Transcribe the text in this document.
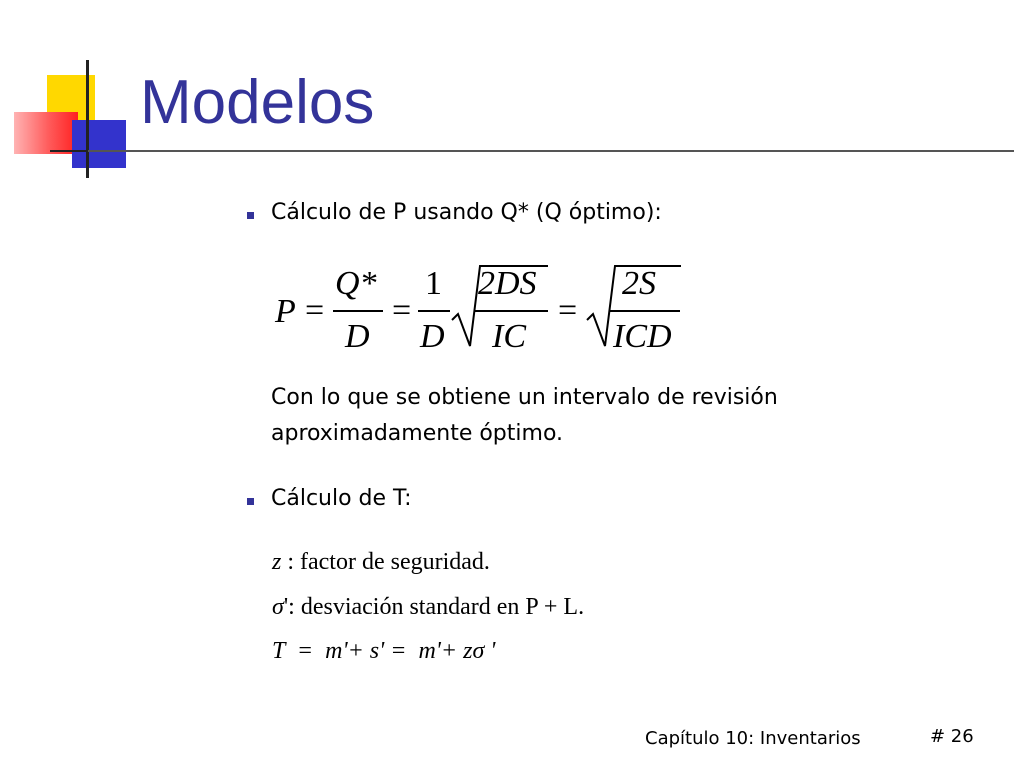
Modelos
Cálculo de P usando Q* (Q óptimo):
P =
Q*
D
=
1
D
2DS
IC
=
2S
ICD
Con lo que se obtiene un intervalo de revisión
aproximadamente óptimo.
Cálculo de T:
z : factor de seguridad.
σ': desviación standard en P + L.
T  =  m'+ s' =  m'+ zσ '
Capítulo 10: Inventarios	# 26
